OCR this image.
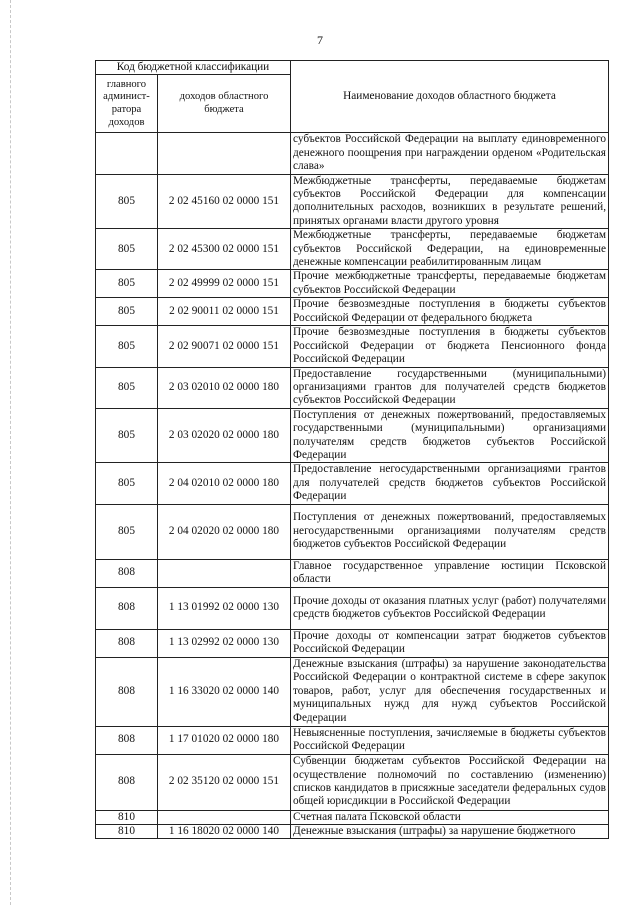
7
Код бюджетной классификации		Наименование доходов областного бюджета
главного админист-ратора доходов	доходов областного бюджета	

		субъектов Российской Федерации на выплату единовременного денежного поощрения при награждении орденом «Родительская слава»

805	2 02 45160 02 0000 151	Межбюджетные трансферты, передаваемые бюджетам субъектов Российской Федерации для компенсации дополнительных расходов, возникших в результате решений, принятых органами власти другого уровня

805	2 02 45300 02 0000 151	Межбюджетные трансферты, передаваемые бюджетам субъектов Российской Федерации, на единовременные денежные компенсации реабилитированным лицам

805	2 02 49999 02 0000 151	Прочие межбюджетные трансферты, передаваемые бюджетам субъектов Российской Федерации

805	2 02 90011 02 0000 151	Прочие безвозмездные поступления в бюджеты субъектов Российской Федерации от федерального бюджета

805	2 02 90071 02 0000 151	Прочие безвозмездные поступления в бюджеты субъектов Российской Федерации от бюджета Пенсионного фонда Российской Федерации

805	2 03 02010 02 0000 180	Предоставление государственными (муниципальными) организациями грантов для получателей средств бюджетов субъектов Российской Федерации

805	2 03 02020 02 0000 180	Поступления от денежных пожертвований, предоставляемых государственными (муниципальными) организациями получателям средств бюджетов субъектов Российской Федерации

805	2 04 02010 02 0000 180	Предоставление негосударственными организациями грантов для получателей средств бюджетов субъектов Российской Федерации

805	2 04 02020 02 0000 180	Поступления от денежных пожертвований, предоставляемых негосударственными организациями получателям средств бюджетов субъектов Российской Федерации

808		Главное государственное управление юстиции Псковской области

808	1 13 01992 02 0000 130	Прочие доходы от оказания платных услуг (работ) получателями средств бюджетов субъектов Российской Федерации

808	1 13 02992 02 0000 130	Прочие доходы от компенсации затрат бюджетов субъектов Российской Федерации

808	1 16 33020 02 0000 140	Денежные взыскания (штрафы) за нарушение законодательства Российской Федерации о контрактной системе в сфере закупок товаров, работ, услуг для обеспечения государственных и муниципальных нужд для нужд субъектов Российской Федерации

808	1 17 01020 02 0000 180	Невыясненные поступления, зачисляемые в бюджеты субъектов Российской Федерации

808	2 02 35120 02 0000 151	Субвенции бюджетам субъектов Российской Федерации на осуществление полномочий по составлению (изменению) списков кандидатов в присяжные заседатели федеральных судов общей юрисдикции в Российской Федерации

810		Счетная палата Псковской области

810	1 16 18020 02 0000 140	Денежные взыскания (штрафы) за нарушение бюджетного
